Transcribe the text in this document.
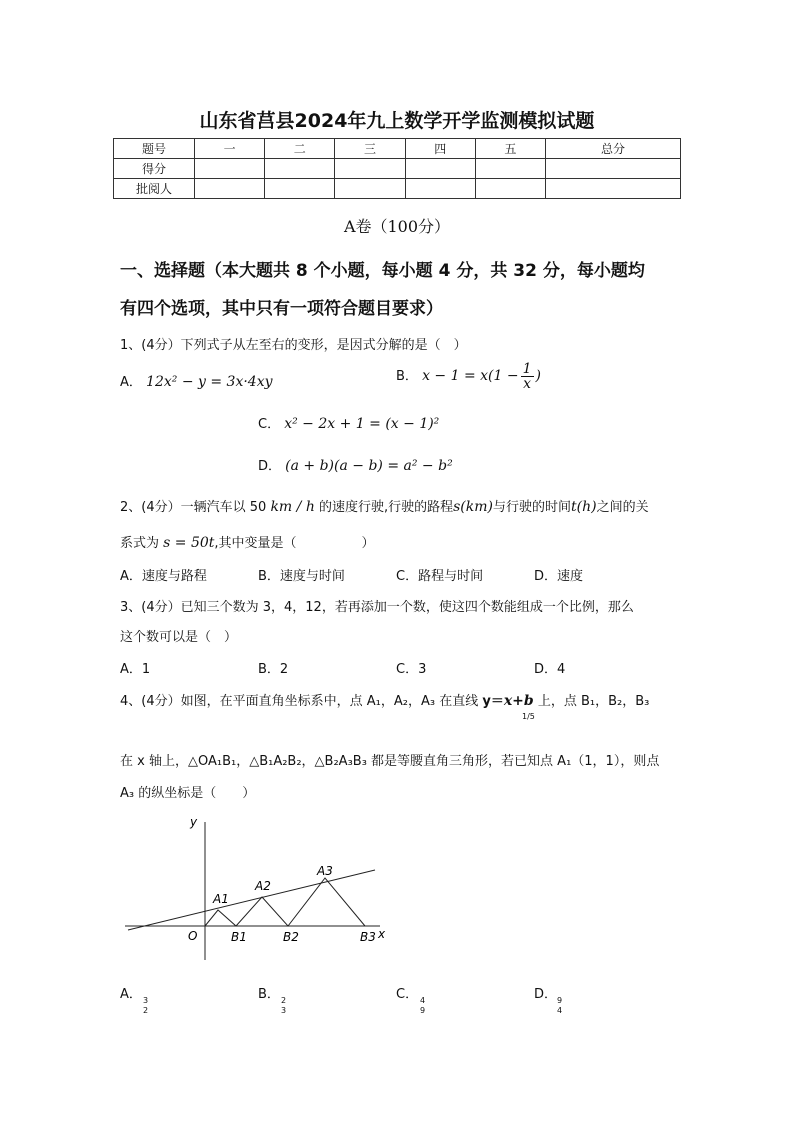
山东省莒县2024年九上数学开学监测模拟试题
题号	一	二	三	四	五	总分
得分						
批阅人						
A卷（100分）
一、选择题（本大题共 8 个小题，每小题 4 分，共 32 分，每小题均
有四个选项，其中只有一项符合题目要求）
1、(4分）下列式子从左至右的变形，是因式分解的是（　）
A． 12x² − y = 3x·4xy	B． $x - 1 = x(1 - \frac{1}{x}$ )
C． x² − 2x + 1 = (x − 1)²
D． (a + b)(a − b) = a² − b²
2、(4分）一辆汽车以 50 km / h 的速度行驶,行驶的路程s(km)与行驶的时间t(h)之间的关
系式为 s = 50t,其中变量是（　　　　　）
A．速度与路程	B．速度与时间	C．路程与时间	D．速度
3、(4分）已知三个数为 3，4，12，若再添加一个数，使这四个数能组成一个比例，那么
这个数可以是（　）
A．1	B．2	C．3	D．4
4、(4分）如图，在平面直角坐标系中，点 A₁，A₂，A₃ 在直线 y＝x+b 上，点 B₁，B₂，B₃
1/5
在 x 轴上，△OA₁B₁，△B₁A₂B₂，△B₂A₃B₃ 都是等腰直角三角形，若已知点 A₁（1，1），则点
A₃ 的纵坐标是（　　）
y
x
O
A1
A2
A3
B1	B2	B3
A． 3
2
B． 2
3
C． 4
9
D． 9
4
